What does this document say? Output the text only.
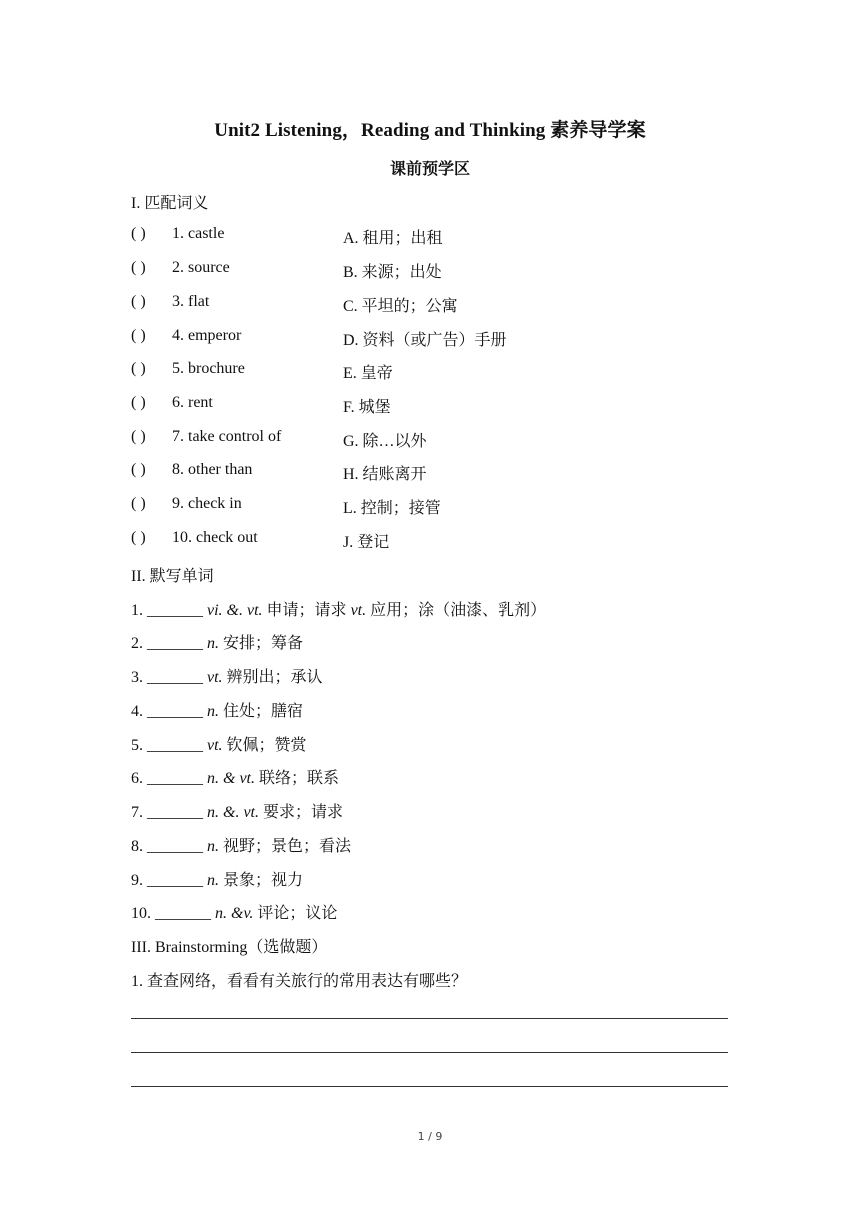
Unit2 Listening，Reading and Thinking 素养导学案
课前预学区
I. 匹配词义
( ) 1. castle	A. 租用；出租
( ) 2. source	B. 来源；出处
( ) 3. flat	C. 平坦的；公寓
( ) 4. emperor	D. 资料（或广告）手册
( ) 5. brochure	E. 皇帝
( ) 6. rent	F. 城堡
( ) 7. take control of	G. 除…以外
( ) 8. other than	H. 结账离开
( ) 9. check in	L. 控制；接管
( ) 10. check out	J. 登记
II. 默写单词
1. _______ vi. &. vt. 申请；请求 vt. 应用；涂（油漆、乳剂）
2. _______ n. 安排；筹备
3. _______ vt. 辨别出；承认
4. _______ n. 住处；膳宿
5. _______ vt. 钦佩；赞赏
6. _______ n. & vt. 联络；联系
7. _______ n. &. vt. 要求；请求
8. _______ n. 视野；景色；看法
9. _______ n. 景象；视力
10. _______ n. &v. 评论；议论
III. Brainstorming（选做题）
1. 查查网络，看看有关旅行的常用表达有哪些？
1 / 9
